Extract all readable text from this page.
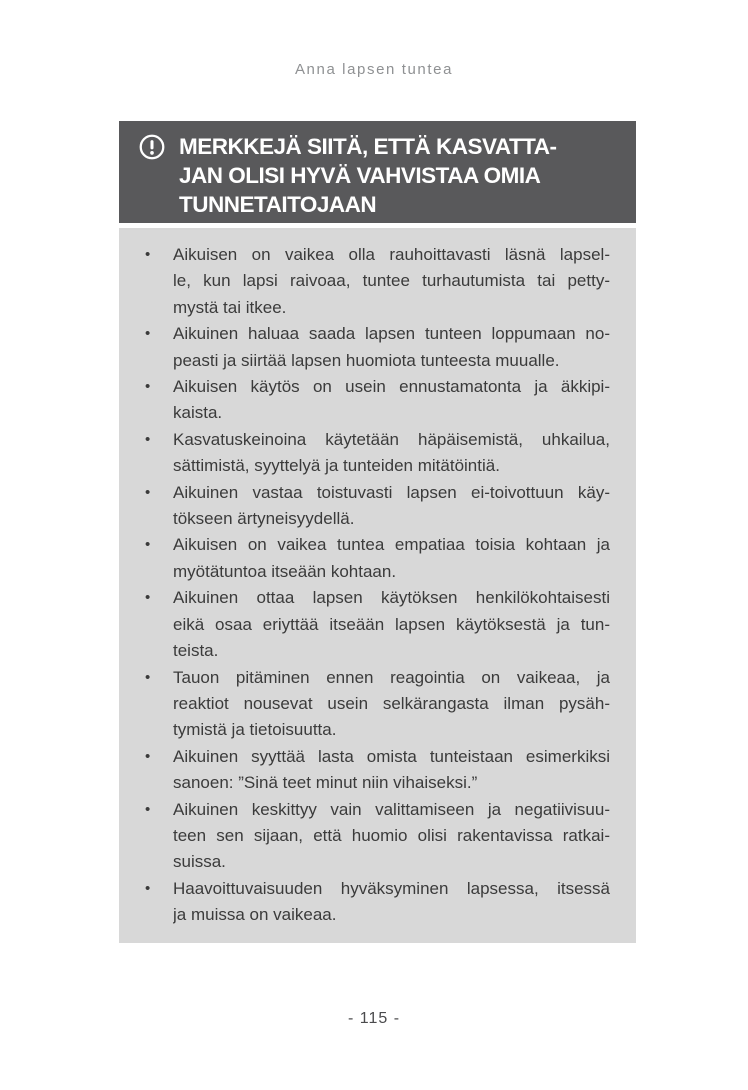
Anna lapsen tuntea
MERKKEJÄ SIITÄ, ETTÄ KASVATTA-
JAN OLISI HYVÄ VAHVISTAA OMIA
TUNNETAITOJAAN
•	Aikuisen on vaikea olla rauhoittavasti läsnä lapsel-
le, kun lapsi raivoaa, tuntee turhautumista tai petty-
mystä tai itkee.
•	Aikuinen haluaa saada lapsen tunteen loppumaan no-
peasti ja siirtää lapsen huomiota tunteesta muualle.
•	Aikuisen käytös on usein ennustamatonta ja äkkipi-
kaista.
•	Kasvatuskeinoina käytetään häpäisemistä, uhkailua,
sättimistä, syyttelyä ja tunteiden mitätöintiä.
•	Aikuinen vastaa toistuvasti lapsen ei-toivottuun käy-
tökseen ärtyneisyydellä.
•	Aikuisen on vaikea tuntea empatiaa toisia kohtaan ja
myötätuntoa itseään kohtaan.
•	Aikuinen ottaa lapsen käytöksen henkilökohtaisesti
eikä osaa eriyttää itseään lapsen käytöksestä ja tun-
teista.
•	Tauon pitäminen ennen reagointia on vaikeaa, ja
reaktiot nousevat usein selkärangasta ilman pysäh-
tymistä ja tietoisuutta.
•	Aikuinen syyttää lasta omista tunteistaan esimerkiksi
sanoen: ”Sinä teet minut niin vihaiseksi.”
•	Aikuinen keskittyy vain valittamiseen ja negatiivisuu-
teen sen sijaan, että huomio olisi rakentavissa ratkai-
suissa.
•	Haavoittuvaisuuden hyväksyminen lapsessa, itsessä
ja muissa on vaikeaa.
- 115 -
